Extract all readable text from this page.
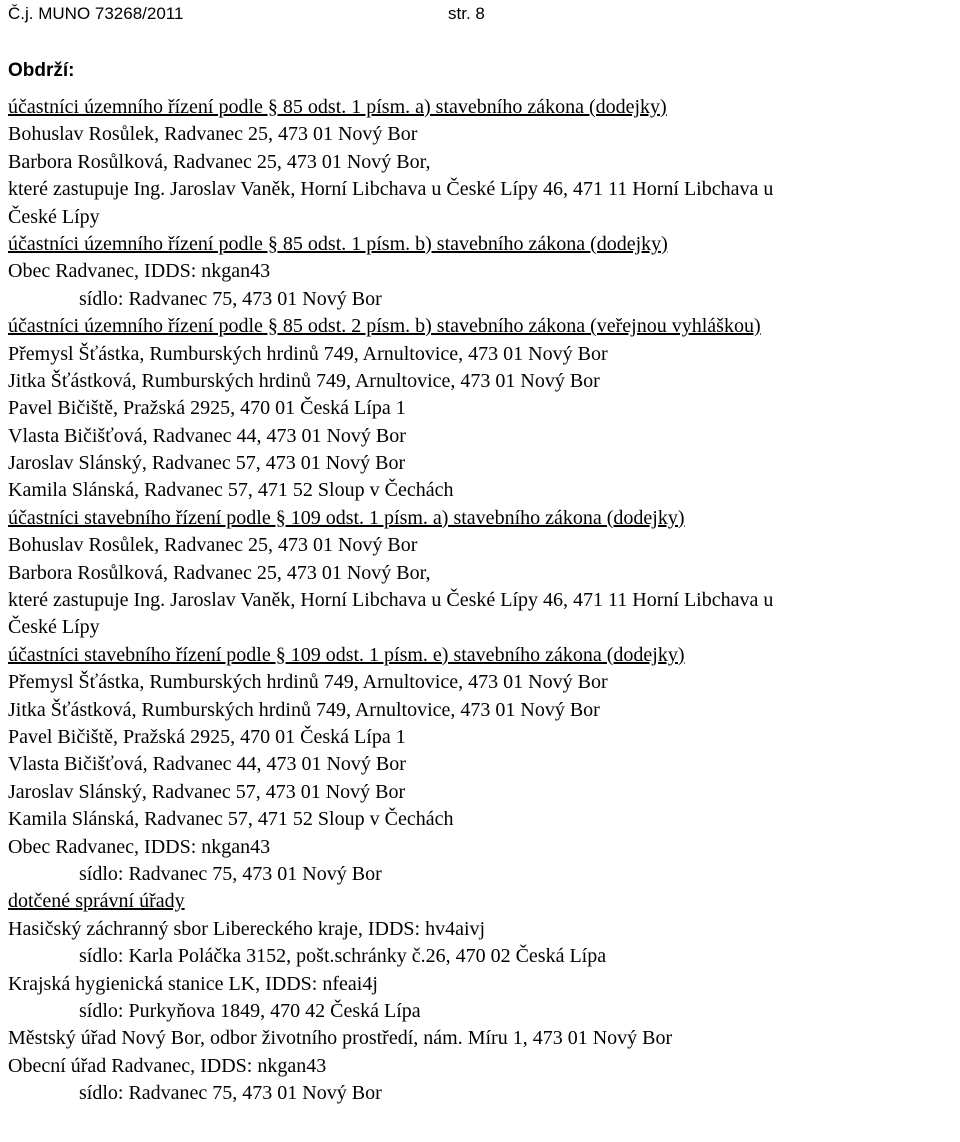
Č.j. MUNO 73268/2011	str. 8
Obdrží:
účastníci územního řízení podle § 85 odst. 1 písm. a) stavebního zákona (dodejky)
Bohuslav Rosůlek, Radvanec 25, 473 01 Nový Bor
Barbora Rosůlková, Radvanec 25, 473 01 Nový Bor,
které zastupuje Ing. Jaroslav Vaněk, Horní Libchava u České Lípy 46, 471 11 Horní Libchava u
České Lípy
účastníci územního řízení podle § 85 odst. 1 písm. b) stavebního zákona (dodejky)
Obec Radvanec, IDDS: nkgan43
sídlo: Radvanec 75, 473 01 Nový Bor
účastníci územního řízení podle § 85 odst. 2 písm. b) stavebního zákona (veřejnou vyhláškou)
Přemysl Šťástka, Rumburských hrdinů 749, Arnultovice, 473 01 Nový Bor
Jitka Šťástková, Rumburských hrdinů 749, Arnultovice, 473 01 Nový Bor
Pavel Bičiště, Pražská 2925, 470 01 Česká Lípa 1
Vlasta Bičišťová, Radvanec 44, 473 01 Nový Bor
Jaroslav Slánský, Radvanec 57, 473 01 Nový Bor
Kamila Slánská, Radvanec 57, 471 52 Sloup v Čechách
účastníci stavebního řízení podle § 109 odst. 1 písm. a) stavebního zákona (dodejky)
Bohuslav Rosůlek, Radvanec 25, 473 01 Nový Bor
Barbora Rosůlková, Radvanec 25, 473 01 Nový Bor,
které zastupuje Ing. Jaroslav Vaněk, Horní Libchava u České Lípy 46, 471 11 Horní Libchava u
České Lípy
účastníci stavebního řízení podle § 109 odst. 1 písm. e) stavebního zákona (dodejky)
Přemysl Šťástka, Rumburských hrdinů 749, Arnultovice, 473 01 Nový Bor
Jitka Šťástková, Rumburských hrdinů 749, Arnultovice, 473 01 Nový Bor
Pavel Bičiště, Pražská 2925, 470 01 Česká Lípa 1
Vlasta Bičišťová, Radvanec 44, 473 01 Nový Bor
Jaroslav Slánský, Radvanec 57, 473 01 Nový Bor
Kamila Slánská, Radvanec 57, 471 52 Sloup v Čechách
Obec Radvanec, IDDS: nkgan43
sídlo: Radvanec 75, 473 01 Nový Bor
dotčené správní úřady
Hasičský záchranný sbor Libereckého kraje, IDDS: hv4aivj
sídlo: Karla Poláčka 3152, pošt.schránky č.26, 470 02 Česká Lípa
Krajská hygienická stanice LK, IDDS: nfeai4j
sídlo: Purkyňova 1849, 470 42 Česká Lípa
Městský úřad Nový Bor, odbor životního prostředí, nám. Míru 1, 473 01 Nový Bor
Obecní úřad Radvanec, IDDS: nkgan43
sídlo: Radvanec 75, 473 01 Nový Bor
